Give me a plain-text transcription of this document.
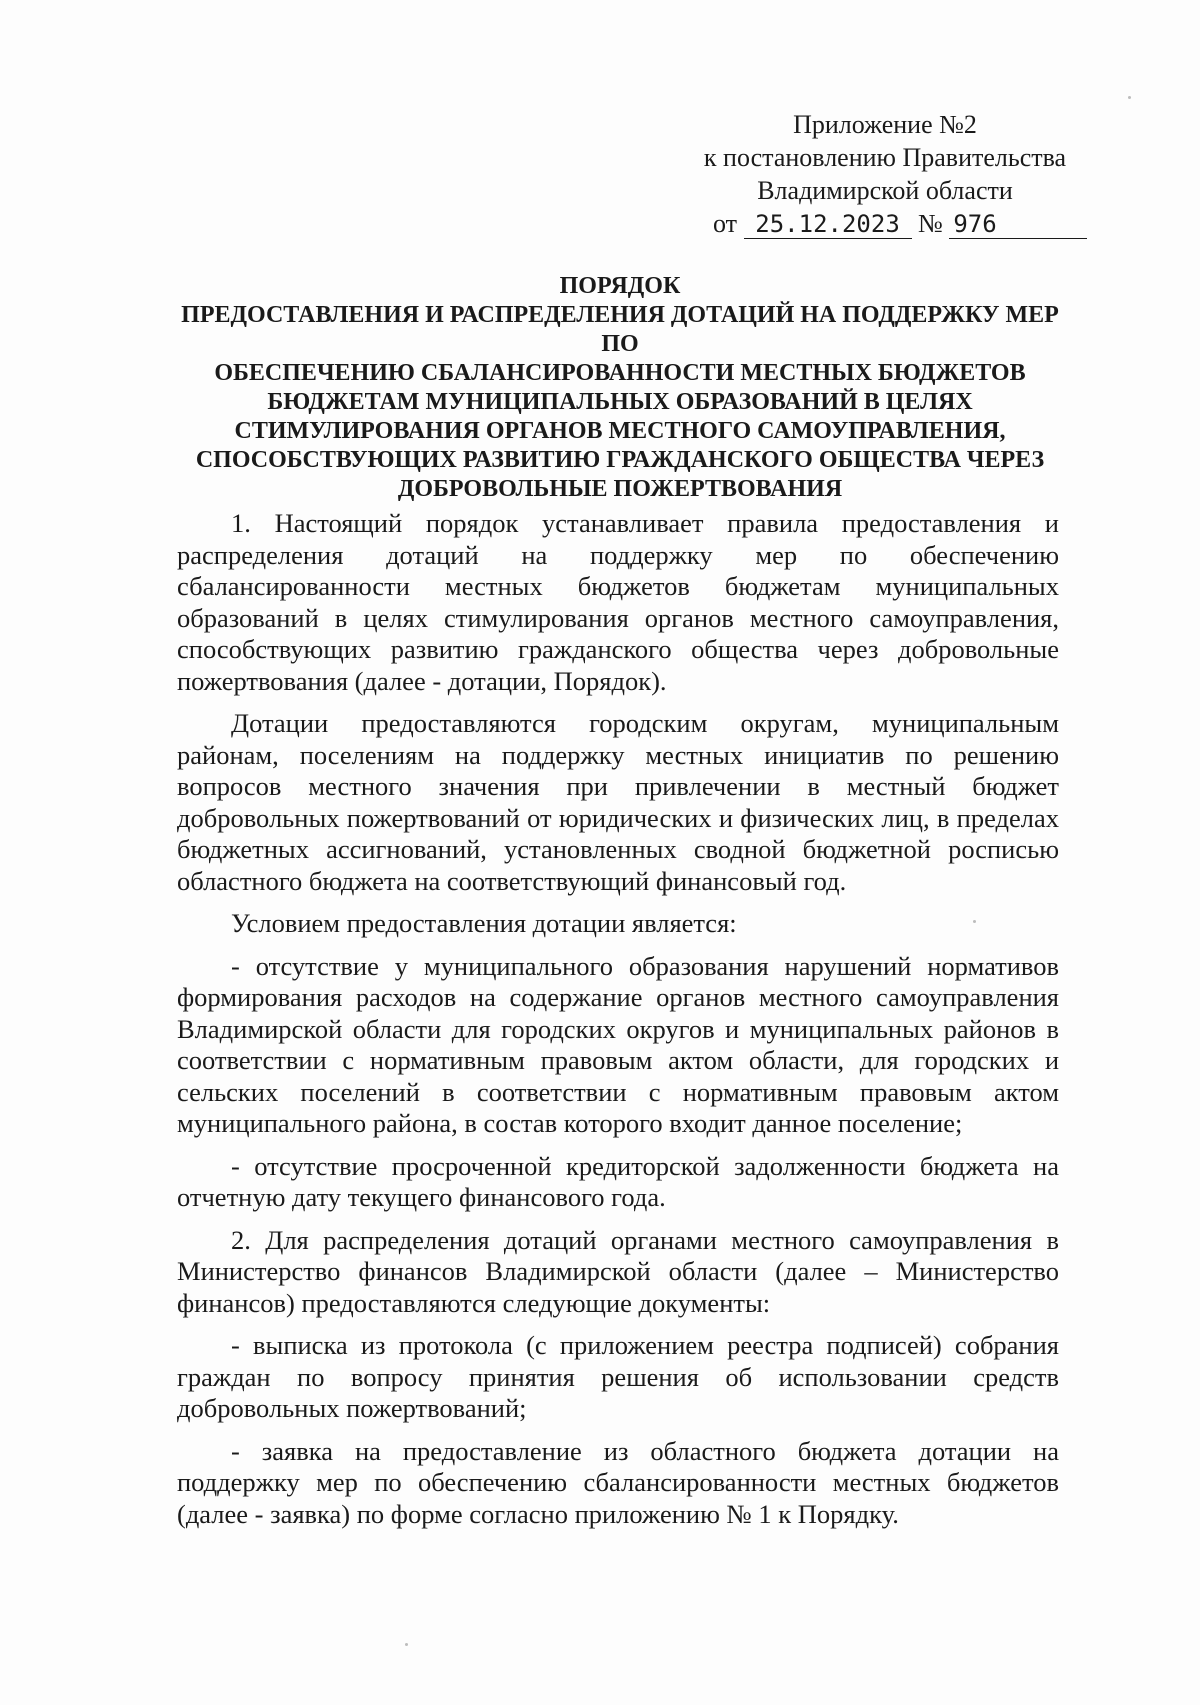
Приложение №2
к постановлению Правительства
Владимирской области
от 25.12.2023 № 976
ПОРЯДОК
ПРЕДОСТАВЛЕНИЯ И РАСПРЕДЕЛЕНИЯ ДОТАЦИЙ НА ПОДДЕРЖКУ МЕР ПО
ОБЕСПЕЧЕНИЮ СБАЛАНСИРОВАННОСТИ МЕСТНЫХ БЮДЖЕТОВ
БЮДЖЕТАМ МУНИЦИПАЛЬНЫХ ОБРАЗОВАНИЙ В ЦЕЛЯХ
СТИМУЛИРОВАНИЯ ОРГАНОВ МЕСТНОГО САМОУПРАВЛЕНИЯ,
СПОСОБСТВУЮЩИХ РАЗВИТИЮ ГРАЖДАНСКОГО ОБЩЕСТВА ЧЕРЕЗ
ДОБРОВОЛЬНЫЕ ПОЖЕРТВОВАНИЯ

1. Настоящий порядок устанавливает правила предоставления и распределения дотаций на поддержку мер по обеспечению сбалансированности местных бюджетов бюджетам муниципальных образований в целях стимулирования органов местного самоуправления, способствующих развитию гражданского общества через добровольные пожертвования (далее - дотации, Порядок).

Дотации предоставляются городским округам, муниципальным районам, поселениям на поддержку местных инициатив по решению вопросов местного значения при привлечении в местный бюджет добровольных пожертвований от юридических и физических лиц, в пределах бюджетных ассигнований, установленных сводной бюджетной росписью областного бюджета на соответствующий финансовый год.

Условием предоставления дотации является:

- отсутствие у муниципального образования нарушений нормативов формирования расходов на содержание органов местного самоуправления Владимирской области для городских округов и муниципальных районов в соответствии с нормативным правовым актом области, для городских и сельских поселений в соответствии с нормативным правовым актом муниципального района, в состав которого входит данное поселение;

- отсутствие просроченной кредиторской задолженности бюджета на отчетную дату текущего финансового года.

2. Для распределения дотаций органами местного самоуправления в Министерство финансов Владимирской области (далее – Министерство финансов) предоставляются следующие документы:

- выписка из протокола (с приложением реестра подписей) собрания граждан по вопросу принятия решения об использовании средств добровольных пожертвований;

- заявка на предоставление из областного бюджета дотации на поддержку мер по обеспечению сбалансированности местных бюджетов (далее - заявка) по форме согласно приложению № 1 к Порядку.
